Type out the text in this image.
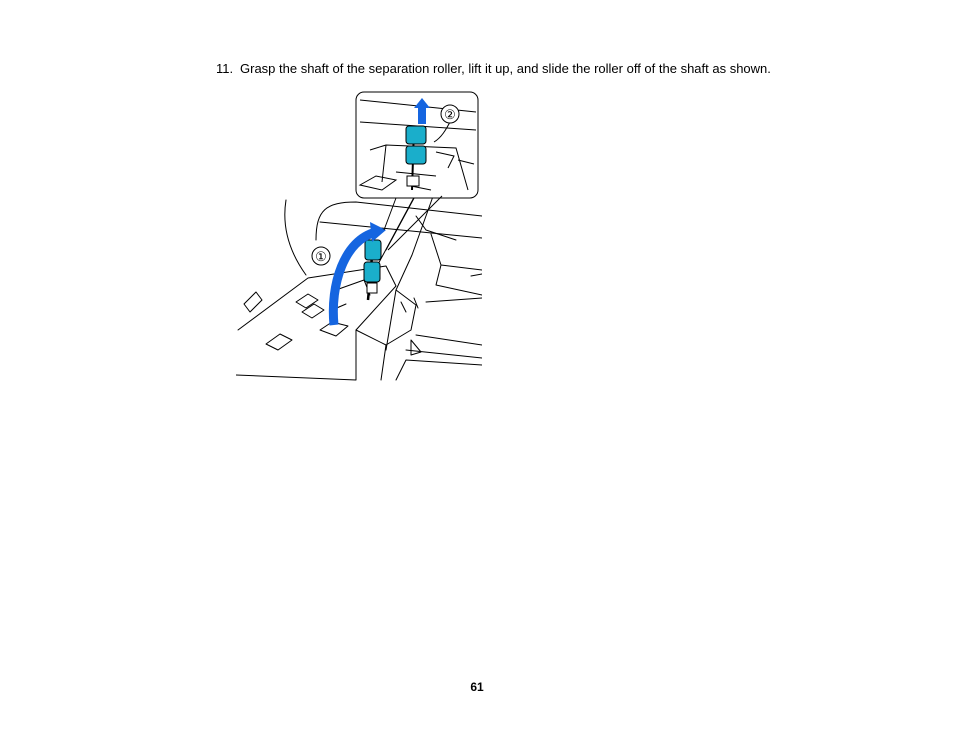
11. Grasp the shaft of the separation roller, lift it up, and slide the roller off of the shaft as shown.
①
②
61
